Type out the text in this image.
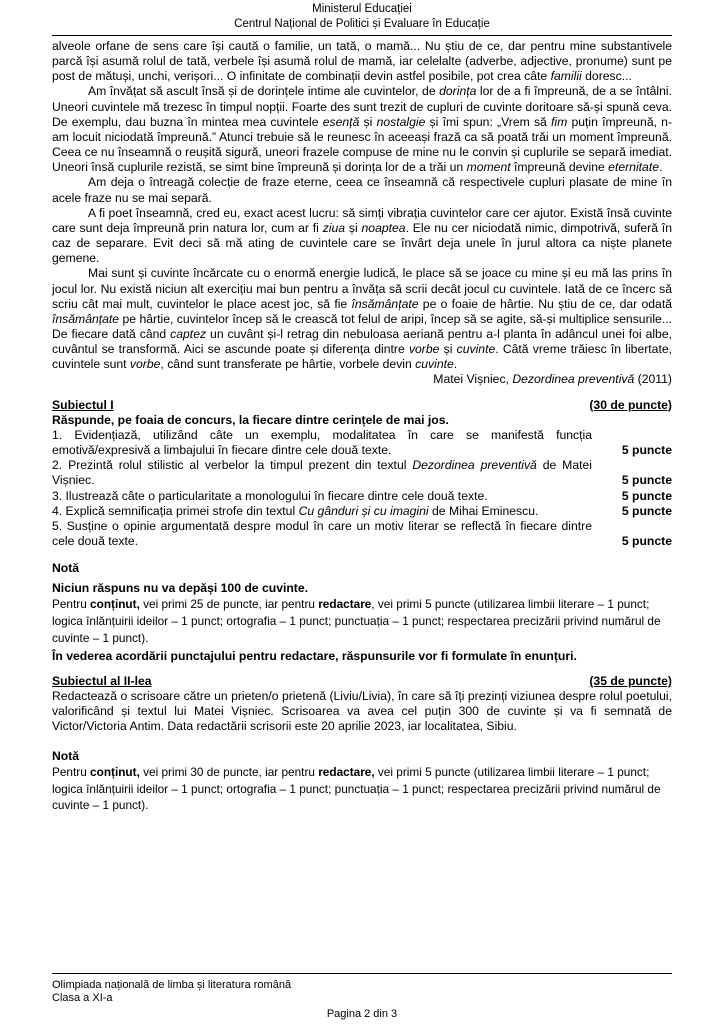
Ministerul Educației
Centrul Național de Politici și Evaluare în Educație

alveole orfane de sens care își caută o familie, un tată, o mamă... Nu știu de ce, dar pentru mine substantivele parcă își asumă rolul de tată, verbele își asumă rolul de mamă, iar celelalte (adverbe, adjective, pronume) sunt pe post de mătuși, unchi, verișori... O infinitate de combinații devin astfel posibile, pot crea câte familii doresc...

Am învățat să ascult însă și de dorințele intime ale cuvintelor, de dorința lor de a fi împreună, de a se întâlni. Uneori cuvintele mă trezesc în timpul nopții. Foarte des sunt trezit de cupluri de cuvinte doritoare să-și spună ceva. De exemplu, dau buzna în mintea mea cuvintele esență și nostalgie și îmi spun: „Vrem să fim puțin împreună, n-am locuit niciodată împreună.” Atunci trebuie să le reunesc în aceeași frază ca să poată trăi un moment împreună. Ceea ce nu înseamnă o reușită sigură, uneori frazele compuse de mine nu le convin și cuplurile se separă imediat. Uneori însă cuplurile rezistă, se simt bine împreună și dorința lor de a trăi un moment împreună devine eternitate.

Am deja o întreagă colecție de fraze eterne, ceea ce înseamnă că respectivele cupluri plasate de mine în acele fraze nu se mai separă.

A fi poet înseamnă, cred eu, exact acest lucru: să simți vibrația cuvintelor care cer ajutor. Există însă cuvinte care sunt deja împreună prin natura lor, cum ar fi ziua și noaptea. Ele nu cer niciodată nimic, dimpotrivă, suferă în caz de separare. Evit deci să mă ating de cuvintele care se învârt deja unele în jurul altora ca niște planete gemene.

Mai sunt și cuvinte încărcate cu o enormă energie ludică, le place să se joace cu mine și eu mă las prins în jocul lor. Nu există niciun alt exercițiu mai bun pentru a învăța să scrii decât jocul cu cuvintele. Iată de ce încerc să scriu cât mai mult, cuvintelor le place acest joc, să fie însămânțate pe o foaie de hârtie. Nu știu de ce, dar odată însămânțate pe hârtie, cuvintelor încep să le crească tot felul de aripi, încep să se agite, să-și multiplice sensurile... De fiecare dată când captez un cuvânt și-l retrag din nebuloasa aeriană pentru a-l planta în adâncul unei foi albe, cuvântul se transformă. Aici se ascunde poate și diferența dintre vorbe și cuvinte. Câtă vreme trăiesc în libertate, cuvintele sunt vorbe, când sunt transferate pe hârtie, vorbele devin cuvinte.

Matei Vișniec, Dezordinea preventivă (2011)

Subiectul I	(30 de puncte)

Răspunde, pe foaia de concurs, la fiecare dintre cerințele de mai jos.

1. Evidențiază, utilizând câte un exemplu, modalitatea în care se manifestă funcția emotivă/expresivă a limbajului în fiecare dintre cele două texte.	5 puncte
2. Prezintă rolul stilistic al verbelor la timpul prezent din textul Dezordinea preventivă de Matei Vișniec.	5 puncte
3. Ilustrează câte o particularitate a monologului în fiecare dintre cele două texte.	5 puncte
4. Explică semnificația primei strofe din textul Cu gânduri și cu imagini de Mihai Eminescu.	5 puncte
5. Susține o opinie argumentată despre modul în care un motiv literar se reflectă în fiecare dintre cele două texte.	5 puncte

Notă

Niciun răspuns nu va depăși 100 de cuvinte.

Pentru conținut, vei primi 25 de puncte, iar pentru redactare, vei primi 5 puncte (utilizarea limbii literare – 1 punct; logica înlănțuirii ideilor – 1 punct; ortografia – 1 punct; punctuația – 1 punct; respectarea precizării privind numărul de cuvinte – 1 punct).

În vederea acordării punctajului pentru redactare, răspunsurile vor fi formulate în enunțuri.

Subiectul al II-lea	(35 de puncte)

Redactează o scrisoare către un prieten/o prietenă (Liviu/Livia), în care să îți prezinți viziunea despre rolul poetului, valorificând și textul lui Matei Vișniec. Scrisoarea va avea cel puțin 300 de cuvinte și va fi semnată de Victor/Victoria Antim. Data redactării scrisorii este 20 aprilie 2023, iar localitatea, Sibiu.

Notă

Pentru conținut, vei primi 30 de puncte, iar pentru redactare, vei primi 5 puncte (utilizarea limbii literare – 1 punct; logica înlănțuirii ideilor – 1 punct; ortografia – 1 punct; punctuația – 1 punct; respectarea precizării privind numărul de cuvinte – 1 punct).

Olimpiada națională de limba și literatura română
Clasa a XI-a
Pagina 2 din 3
